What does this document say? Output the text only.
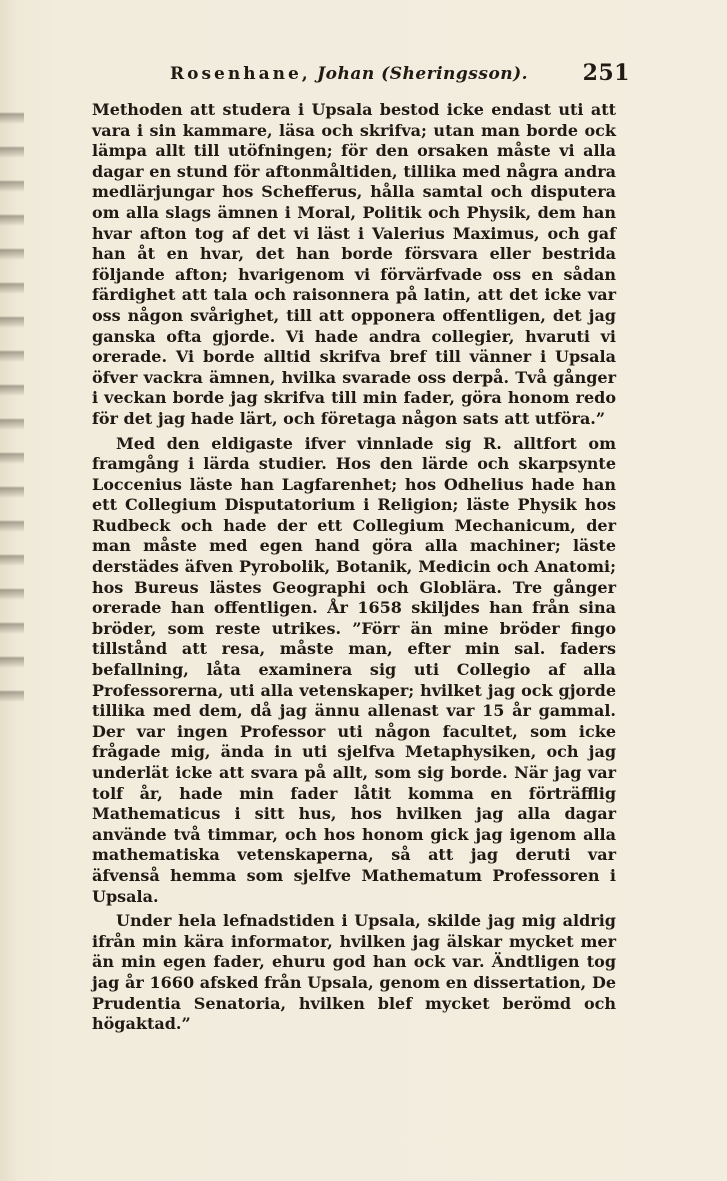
Rosenhane, Johan (Sheringsson). 251

Methoden att studera i Upsala bestod icke endast uti att vara i sin kammare, läsa och skrifva; utan man borde ock lämpa allt till utöfningen; för den orsaken måste vi alla dagar en stund för aftonmåltiden, tillika med några andra medlärjungar hos Schefferus, hålla samtal och disputera om alla slags ämnen i Moral, Politik och Physik, dem han hvar afton tog af det vi läst i Valerius Maximus, och gaf han åt en hvar, det han borde försvara eller bestrida följande afton; hvarigenom vi förvärfvade oss en sådan färdighet att tala och raisonnera på latin, att det icke var oss någon svårighet, till att opponera offentligen, det jag ganska ofta gjorde. Vi hade andra collegier, hvaruti vi orerade. Vi borde alltid skrifva bref till vänner i Upsala öfver vackra ämnen, hvilka svarade oss derpå. Två gånger i veckan borde jag skrifva till min fader, göra honom redo för det jag hade lärt, och företaga någon sats att utföra.”

Med den eldigaste ifver vinnlade sig R. alltfort om framgång i lärda studier. Hos den lärde och skarpsynte Loccenius läste han Lagfarenhet; hos Odhelius hade han ett Collegium Disputatorium i Religion; läste Physik hos Rudbeck och hade der ett Collegium Mechanicum, der man måste med egen hand göra alla machiner; läste derstädes äfven Pyrobolik, Botanik, Medicin och Anatomi; hos Bureus lästes Geographi och Globlära. Tre gånger orerade han offentligen. År 1658 skiljdes han från sina bröder, som reste utrikes. ”Förr än mine bröder fingo tillstånd att resa, måste man, efter min sal. faders befallning, låta examinera sig uti Collegio af alla Professorerna, uti alla vetenskaper; hvilket jag ock gjorde tillika med dem, då jag ännu allenast var 15 år gammal. Der var ingen Professor uti någon facultet, som icke frågade mig, ända in uti sjelfva Metaphysiken, och jag underlät icke att svara på allt, som sig borde. När jag var tolf år, hade min fader låtit komma en förträfflig Mathematicus i sitt hus, hos hvilken jag alla dagar använde två timmar, och hos honom gick jag igenom alla mathematiska vetenskaperna, så att jag deruti var äfvenså hemma som sjelfve Mathematum Professoren i Upsala.

Under hela lefnadstiden i Upsala, skilde jag mig aldrig ifrån min kära informator, hvilken jag älskar mycket mer än min egen fader, ehuru god han ock var. Ändtligen tog jag år 1660 afsked från Upsala, genom en dissertation, De Prudentia Senatoria, hvilken blef mycket berömd och högaktad.”
